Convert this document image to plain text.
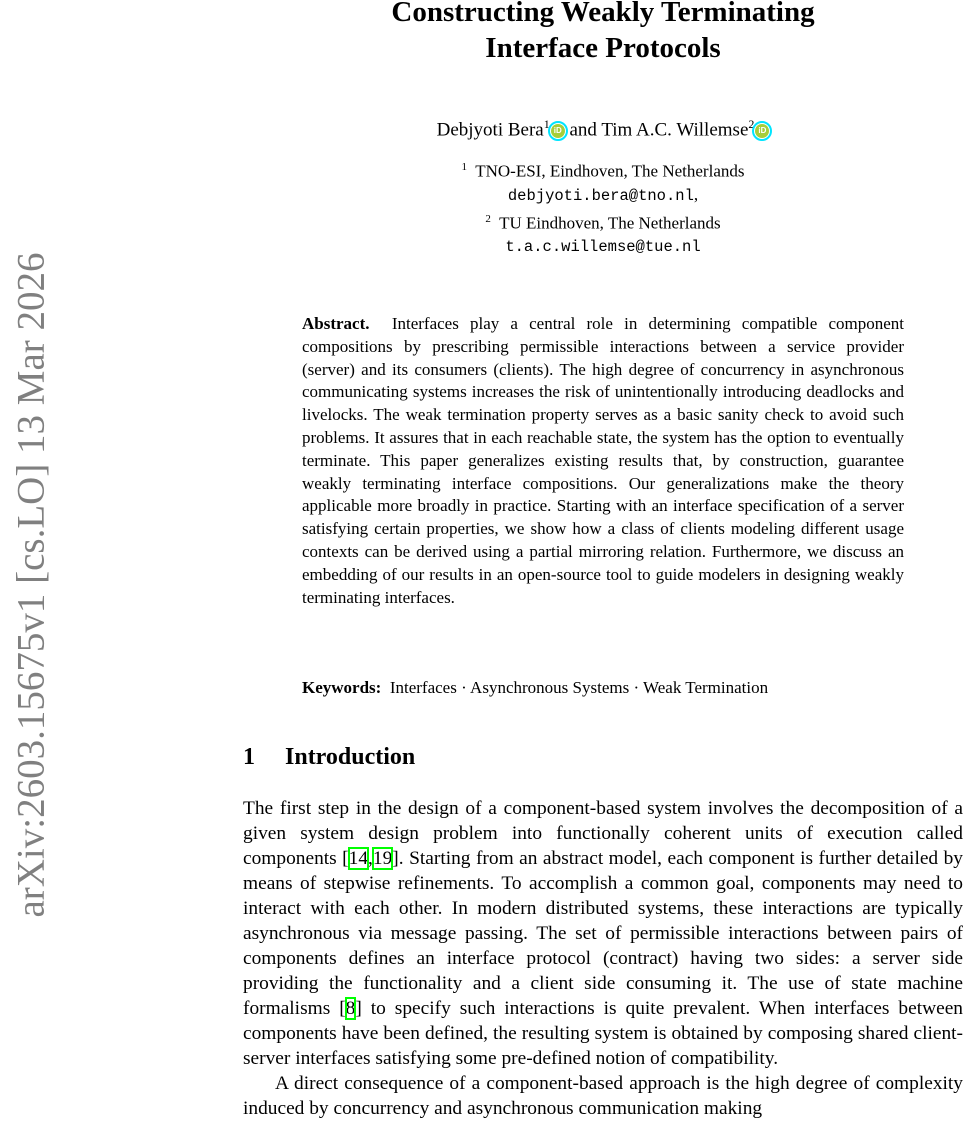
arXiv:2603.15675v1 [cs.LO] 13 Mar 2026
Constructing Weakly Terminating
Interface Protocols
Debjyoti Bera$^1$ iD and Tim A.C. Willemse$^2$ iD
$^1$ TNO-ESI, Eindhoven, The Netherlands
debjyoti.bera@tno.nl,
$^2$ TU Eindhoven, The Netherlands
t.a.c.willemse@tue.nl
Abstract. Interfaces play a central role in determining compatible component compositions by prescribing permissible interactions between a service provider (server) and its consumers (clients). The high degree of concurrency in asynchronous communicating systems increases the risk of unintentionally introducing deadlocks and livelocks. The weak termination property serves as a basic sanity check to avoid such problems. It assures that in each reachable state, the system has the option to eventually terminate. This paper generalizes existing results that, by construction, guarantee weakly terminating interface compositions. Our generalizations make the theory applicable more broadly in practice. Starting with an interface specification of a server satisfying certain properties, we show how a class of clients modeling different usage contexts can be derived using a partial mirroring relation. Furthermore, we discuss an embedding of our results in an open-source tool to guide modelers in designing weakly terminating interfaces.
Keywords: Interfaces · Asynchronous Systems · Weak Termination
1 Introduction

The first step in the design of a component-based system involves the decomposition of a given system design problem into functionally coherent units of execution called components [14,19]. Starting from an abstract model, each component is further detailed by means of stepwise refinements. To accomplish a common goal, components may need to interact with each other. In modern distributed systems, these interactions are typically asynchronous via message passing. The set of permissible interactions between pairs of components defines an interface protocol (contract) having two sides: a server side providing the functionality and a client side consuming it. The use of state machine formalisms [8] to specify such interactions is quite prevalent. When interfaces between components have been defined, the resulting system is obtained by composing shared client-server interfaces satisfying some pre-defined notion of compatibility.

A direct consequence of a component-based approach is the high degree of complexity induced by concurrency and asynchronous communication making
